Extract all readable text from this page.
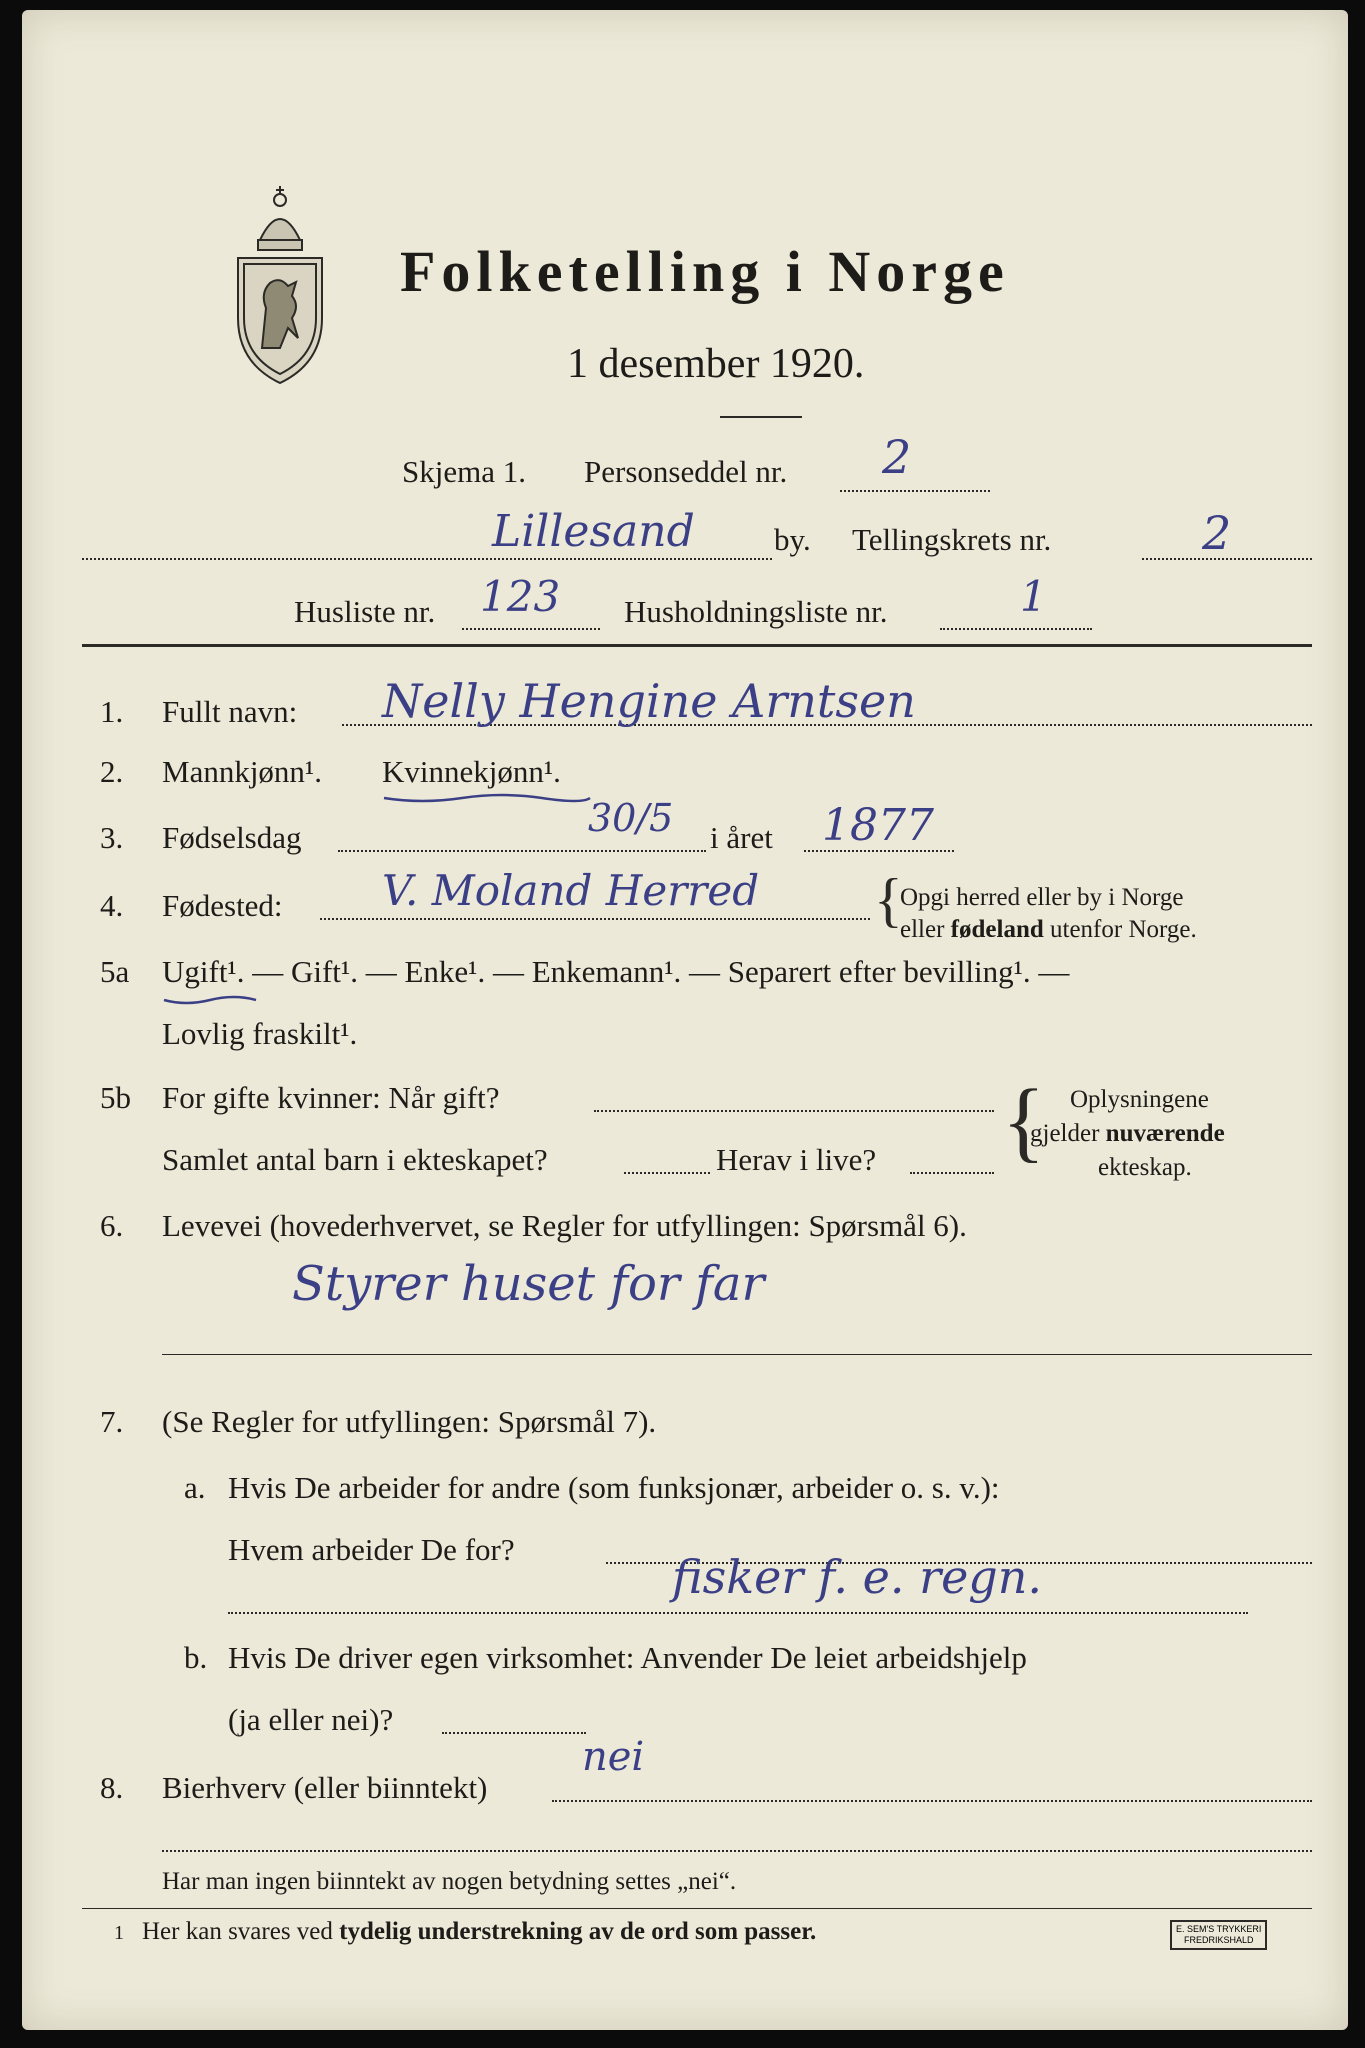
Folketelling i Norge
1 desember 1920.
Skjema 1. Personseddel nr. 2
Lillesand	by. Tellingskrets nr.	2
Husliste nr. 123 Husholdningsliste nr.	1
1. Fullt navn: Nelly Hengine Arntsen
2. Mannkjønn¹. Kvinnekjønn¹.
3. Fødselsdag	30/5 i året 1877
4. Fødested: V. Moland Herred {
Opgi herred eller by i Norge
eller fødeland utenfor Norge.
5a Ugift¹. — Gift¹. — Enke¹. — Enkemann¹. — Separert efter bevilling¹. —
Lovlig fraskilt¹.
5b For gifte kvinner: Når gift?
Samlet antal barn i ekteskapet?	Herav i live? { Oplysningene
gjelder nuværende
ekteskap.
6. Levevei (hovederhvervet, se Regler for utfyllingen: Spørsmål 6).
Styrer huset for far
7. (Se Regler for utfyllingen: Spørsmål 7).
a. Hvis De arbeider for andre (som funksjonær, arbeider o. s. v.):
Hvem arbeider De for?
fisker f. e. regn.
b. Hvis De driver egen virksomhet: Anvender De leiet arbeidshjelp
(ja eller nei)?
8. Bierhverv (eller biinntekt)
nei
Har man ingen biinntekt av nogen betydning settes „nei“.
1 Her kan svares ved tydelig understrekning av de ord som passer.	E. SEM'S TRYKKERI
FREDRIKSHALD
